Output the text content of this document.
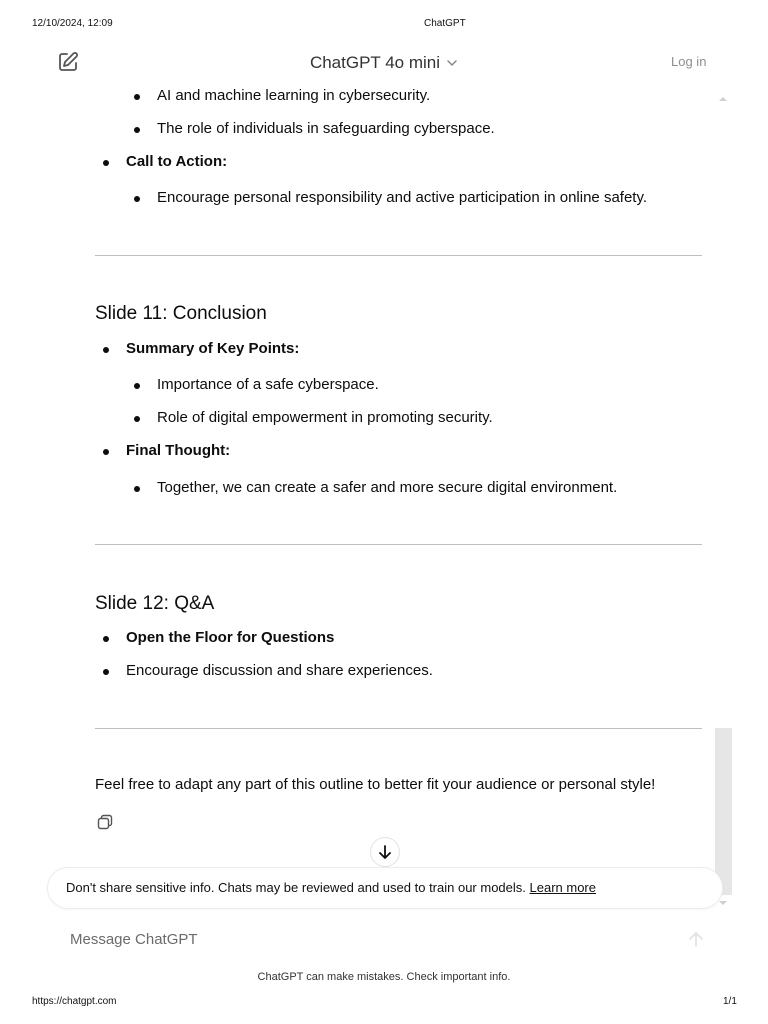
12/10/2024, 12:09	ChatGPT
ChatGPT 4o mini	Log in
AI and machine learning in cybersecurity.
The role of individuals in safeguarding cyberspace.
Call to Action:
Encourage personal responsibility and active participation in online safety.
Slide 11: Conclusion
Summary of Key Points:
Importance of a safe cyberspace.
Role of digital empowerment in promoting security.
Final Thought:
Together, we can create a safer and more secure digital environment.
Slide 12: Q&A
Open the Floor for Questions
Encourage discussion and share experiences.
Feel free to adapt any part of this outline to better fit your audience or personal style!
Don't share sensitive info. Chats may be reviewed and used to train our models. Learn more
Message ChatGPT
ChatGPT can make mistakes. Check important info.
https://chatgpt.com	1/1
